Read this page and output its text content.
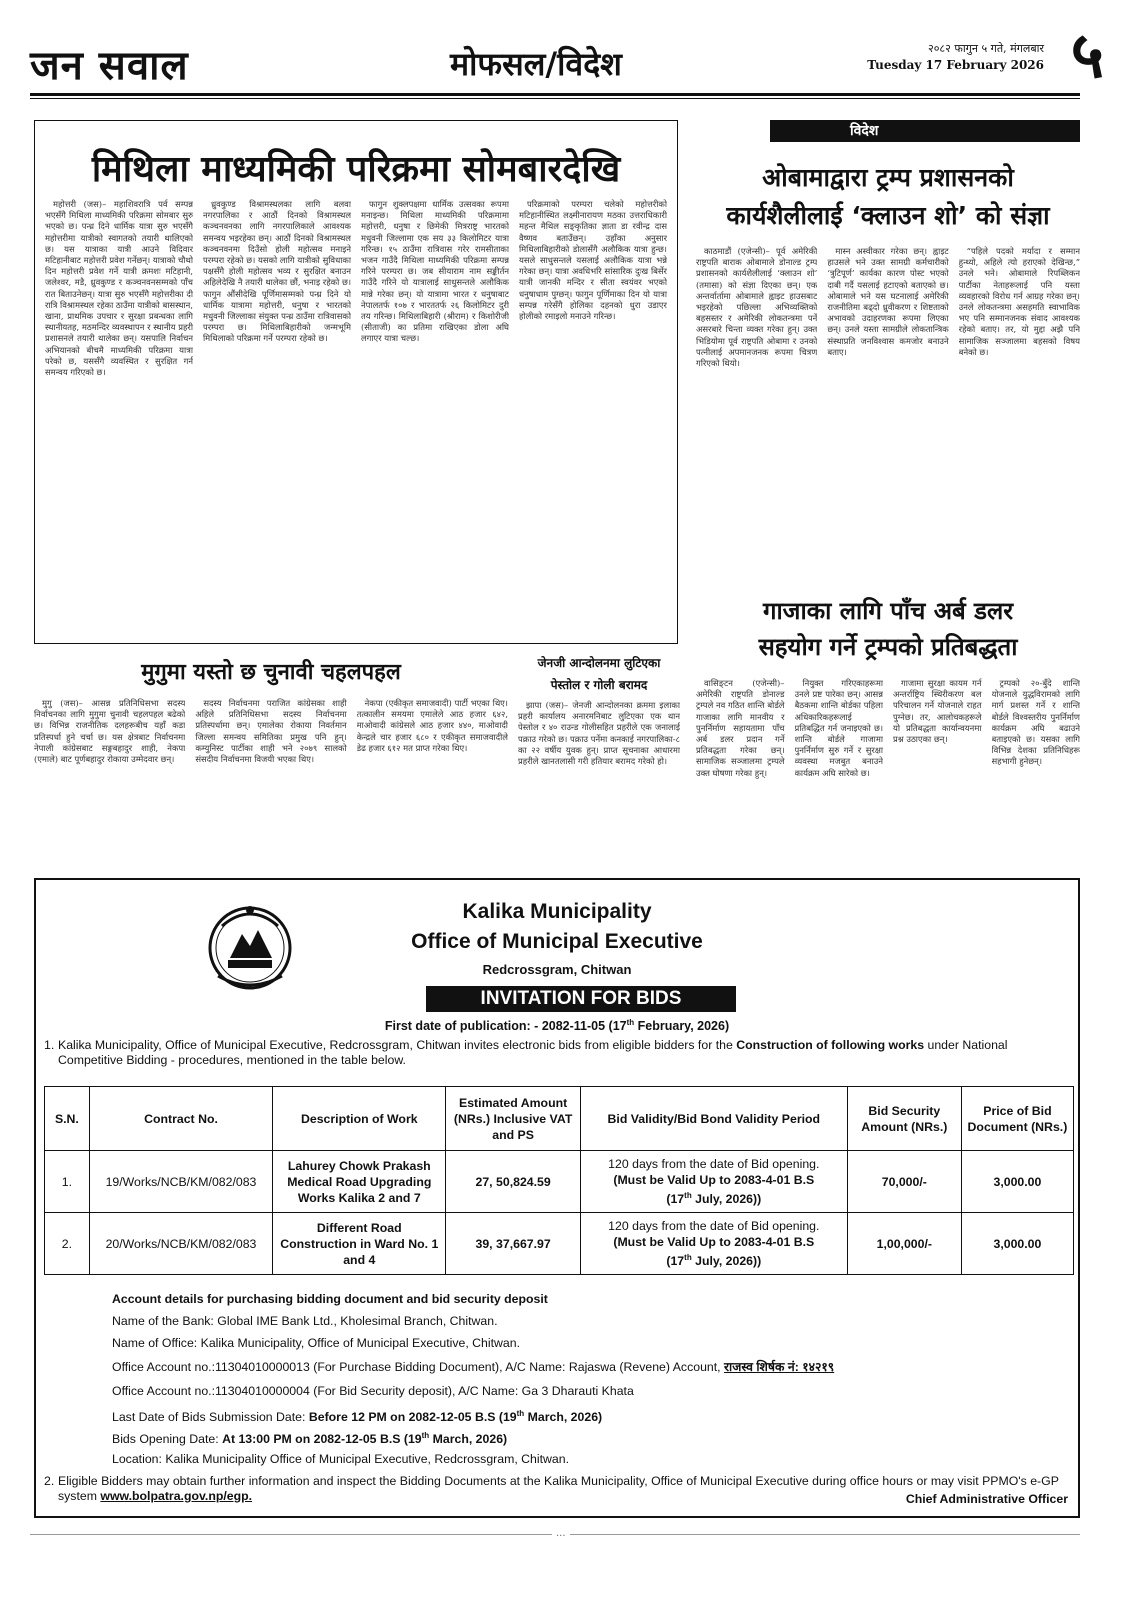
जन सवाल	मोफसल/विदेश	२०८२ फागुन ५ गते, मंगलबार
Tuesday 17 February 2026 ५
मिथिला माध्यमिकी परिक्रमा सोमबारदेखि

महोत्तरी (जस)– महाशिवरात्रि पर्व सम्पन्न भएसँगै मिथिला माध्यमिकी परिक्रमा सोमबार सुरु भएको छ। पन्ध्र दिने धार्मिक यात्रा सुरु भएसँगै महोत्तरीमा यात्रीको स्वागतको तयारी थालिएको छ। यस यात्राका यात्री आउने विदिवार मटिहानीबाट महोत्तरी प्रवेश गर्नेछन्। यात्राको चौथो दिन महोत्तरी प्रवेश गर्ने यात्री क्रमशः मटिहानी, जलेश्वर, मडै, ध्रुवकुण्ड र कञ्चनवनसम्मको पाँच रात बिताउनेछन्। यात्रा सुरु भएसँगै महोत्तरीका दी रात्रि विश्रामस्थल रहेका ठाउँमा यात्रीको बासस्थान, खाना, प्राथमिक उपचार र सुरक्षा प्रबन्धका लागि स्थानीयतह, मठमन्दिर व्यवस्थापन र स्थानीय प्रहरी प्रशासनले तयारी थालेका छन्। यसपालि निर्वाचन अभियानको बीचमै माध्यमिकी परिक्रमा यात्रा परेको छ, यससँगै व्यवस्थित र सुरक्षित गर्न समन्वय गरिएको छ।

ध्रुवकुण्ड विश्रामस्थलका लागि बलवा नगरपालिका र आठौं दिनको विश्रामस्थल कञ्चनवनका लागि नगरपालिकाले आवश्यक समन्वय भइरहेका छन्। आठौं दिनको विश्रामस्थल कञ्चनवनमा दिउँसो होली महोत्सव मनाइने परम्परा रहेको छ। यसको लागि यात्रीको सुविधाका पक्षसँगै होली महोत्सव भव्य र सुरक्षित बनाउन अहिलेदेखि नै तयारी थालेका छौं, भनाइ रहेको छ। फागुन औंसीदेखि पूर्णिमासम्मको पन्ध्र दिने यो धार्मिक यात्रामा महोत्तरी, धनुषा र भारतको मधुवनी जिल्लाका संयुक्त पन्ध्र ठाउँमा रात्रिवासको परम्परा छ। मिथिलाबिहारीको जन्मभूमि मिथिलाको परिक्रमा गर्ने परम्परा रहेको छ।

फागुन शुक्लपक्षमा धार्मिक उत्सवका रूपमा मनाइन्छ। मिथिला माध्यमिकी परिक्रमामा महोत्तरी, धनुषा र छिमेकी मित्रराष्ट्र भारतको मधुवनी जिल्लामा एक सय ३३ किलोमिटर यात्रा गरिन्छ। १५ ठाउँमा रात्रिवास गरेर रामसीताका भजन गाउँदै मिथिला माध्यमिकी परिक्रमा सम्पन्न गरिने परम्परा छ। जब सीयाराम नाम सङ्कीर्तन गाउँदै गरिने यो यात्रालाई साधुसन्तले अलौकिक मान्ने गरेका छन्। यो यात्रामा भारत र धनुषाबाट नेपालतर्फ १०७ र भारततर्फ २६ किलोमिटर दुरी तय गरिन्छ। मिथिलाबिहारी (श्रीराम) र किशोरीजी (सीताजी) का प्रतिमा राखिएका डोला अघि लगाएर यात्रा चल्छ।

परिक्रमाको परम्परा चलेको महोत्तरीको मटिहानीस्थित लक्ष्मीनारायण मठका उत्तराधिकारी महन्त मैथिल सङ्कृतिका ज्ञाता डा रवीन्द्र दास वैष्णव बताउँछन्। उहाँका अनुसार मिथिलाबिहारीको डोलासँगै अलौकिक यात्रा हुन्छ। यसले साधुसन्तले यसलाई अलौकिक यात्रा भन्ने गरेका छन्। यात्रा अवधिभरि सांसारिक दुःख बिर्सेर यात्री जानकी मन्दिर र सीता स्वयंवर भएको धनुषाधाम पुग्छन्। फागुन पूर्णिमाका दिन यो यात्रा सम्पन्न गरेसँगै होलिका दहनको धुरा उडाएर होलीको रमाइलो मनाउने गरिन्छ।

विदेश
ओबामाद्वारा ट्रम्प प्रशासनको
कार्यशैलीलाई ‘क्लाउन शो’ को संज्ञा

काठमाडौं (एजेन्सी)– पूर्व अमेरिकी राष्ट्रपति बाराक ओबामाले डोनाल्ड ट्रम्प प्रशासनको कार्यशैलीलाई ‘क्लाउन शो’ (तमासा) को संज्ञा दिएका छन्। एक अन्तर्वार्तामा ओबामाले ह्वाइट हाउसबाट भइरहेको पछिल्ला अभिव्यक्तिको बहसस्तर र अमेरिकी लोकतन्त्रमा पर्ने असरबारे चिन्ता व्यक्त गरेका हुन्। उक्त भिडियोमा पूर्व राष्ट्रपति ओबामा र उनको पत्नीलाई अपमानजनक रूपमा चित्रण गरिएको थियो।

मास्न अस्वीकार गरेका छन्। ह्वाइट हाउसले भने उक्त सामग्री कर्मचारीको ‘त्रुटिपूर्ण’ कार्यका कारण पोस्ट भएको दाबी गर्दै यसलाई हटाएको बताएको छ। ओबामाले भने यस घटनालाई अमेरिकी राजनीतिमा बढ्दो ध्रुवीकरण र शिष्टताको अभावको उदाहरणका रूपमा लिएका छन्। उनले यस्ता सामग्रीले लोकतान्त्रिक संस्थाप्रति जनविश्वास कमजोर बनाउने बताए।

“पहिले पदको मर्यादा र सम्मान हुन्थ्यो, अहिले त्यो हराएको देखिन्छ,” उनले भने। ओबामाले रिपब्लिकन पार्टीका नेताहरूलाई पनि यस्ता व्यवहारको विरोध गर्न आग्रह गरेका छन्। उनले लोकतन्त्रमा असहमति स्वाभाविक भए पनि सम्मानजनक संवाद आवश्यक रहेको बताए। तर, यो मुद्दा अझै पनि सामाजिक सञ्जालमा बहसको विषय बनेको छ।

गाजाका लागि पाँच अर्ब डलर
सहयोग गर्ने ट्रम्पको प्रतिबद्धता

वासिङ्टन (एजेन्सी)– अमेरिकी राष्ट्रपति डोनाल्ड ट्रम्पले नव गठित शान्ति बोर्डले गाजाका लागि मानवीय र पुनर्निर्माण सहायतामा पाँच अर्ब डलर प्रदान गर्ने प्रतिबद्धता गरेका छन्। सामाजिक सञ्जालमा ट्रम्पले उक्त घोषणा गरेका हुन्।

नियुक्त गरिएकाहरूमा उनले प्रष्ट पारेका छन्। आसन्न बैठकमा शान्ति बोर्डका पहिला अधिकारिकहरूलाई प्रतिबद्धित गर्न जनाइएको छ। शान्ति बोर्डले गाजामा पुनर्निर्माण सुरु गर्ने र सुरक्षा व्यवस्था मजबुत बनाउने कार्यक्रम अघि सारेको छ।

गाजामा सुरक्षा कायम गर्न अन्तर्राष्ट्रिय स्थिरीकरण बल परिचालन गर्ने योजनाले राहत पुग्नेछ। तर, आलोचकहरूले यो प्रतिबद्धता कार्यान्वयनमा प्रश्न उठाएका छन्।

ट्रम्पको २०-बुँदे शान्ति योजनाले युद्धविरामको लागि मार्ग प्रशस्त गर्ने र शान्ति बोर्डले विश्वस्तरीय पुनर्निर्माण कार्यक्रम अघि बढाउने बताइएको छ। यसका लागि विभिन्न देशका प्रतिनिधिहरू सहभागी हुनेछन्।

मुगुमा यस्तो छ चुनावी चहलपहल

मुगु (जस)– आसन्न प्रतिनिधिसभा सदस्य निर्वाचनका लागि मुगुमा चुनावी चहलपहल बढेको छ। विभिन्न राजनीतिक दलहरूबीच यहाँ कडा प्रतिस्पर्धा हुने चर्चा छ। यस क्षेत्रबाट निर्वाचनमा नेपाली कांग्रेसबाट सङ्गबहादुर शाही, नेकपा (एमाले) बाट पूर्णबहादुर रोकाया उम्मेदवार छन्।

सदस्य निर्वाचनमा पराजित कांग्रेसका शाही अहिले प्रतिनिधिसभा सदस्य निर्वाचनमा प्रतिस्पर्धामा छन्। एमालेका रोकाया निवर्तमान जिल्ला समन्वय समितिका प्रमुख पनि हुन्। कम्युनिस्ट पार्टीका शाही भने २०७९ सालको संसदीय निर्वाचनमा विजयी भएका थिए।

नेकपा (एकीकृत समाजवादी) पार्टी भएका थिए। तत्कालीन समयमा एमालेले आठ हजार ६४२, माओवादी कांग्रेसले आठ हजार ४४०, माओवादी केन्द्रले चार हजार ६८० र एकीकृत समाजवादीले डेढ हजार ६१२ मत प्राप्त गरेका थिए।

जेनजी आन्दोलनमा लुटिएका
पेस्तोल र गोली बरामद

झापा (जस)– जेनजी आन्दोलनका क्रममा इलाका प्रहरी कार्यालय अनारमनिबाट लुटिएका एक थान पेस्तोल र ४० राउन्ड गोलीसहित प्रहरीले एक जनालाई पक्राउ गरेको छ। पक्राउ पर्नेमा कनकाई नगरपालिका-८ का २२ वर्षीय युवक हुन्। प्राप्त सूचनाका आधारमा प्रहरीले खानतलासी गरी हतियार बरामद गरेको हो।

Kalika Municipality
Office of Municipal Executive
Redcrossgram, Chitwan
INVITATION FOR BIDS
First date of publication: - 2082-11-05 (17th February, 2026)
1. Kalika Municipality, Office of Municipal Executive, Redcrossgram, Chitwan invites electronic bids from eligible bidders for the Construction of following works under National Competitive Bidding - procedures, mentioned in the table below.
S.N.	Contract No.	Description of Work	Estimated Amount (NRs.) Inclusive VAT and PS	Bid Validity/Bid Bond Validity Period	Bid Security Amount (NRs.)	Price of Bid Document (NRs.)
1.	19/Works/NCB/KM/082/083	Lahurey Chowk Prakash Medical Road Upgrading Works Kalika 2 and 7	27, 50,824.59	120 days from the date of Bid opening.
(Must be Valid Up to 2083-4-01 B.S
(17th July, 2026))	70,000/-	3,000.00
2.	20/Works/NCB/KM/082/083	Different Road Construction in Ward No. 1 and 4	39, 37,667.97	120 days from the date of Bid opening.
(Must be Valid Up to 2083-4-01 B.S
(17th July, 2026))	1,00,000/-	3,000.00
Account details for purchasing bidding document and bid security deposit
Name of the Bank: Global IME Bank Ltd., Kholesimal Branch, Chitwan.
Name of Office: Kalika Municipality, Office of Municipal Executive, Chitwan.
Office Account no.:11304010000013 (For Purchase Bidding Document), A/C Name: Rajaswa (Revene) Account, राजस्व शिर्षक नं: १४२१९
Office Account no.:11304010000004 (For Bid Security deposit), A/C Name: Ga 3 Dharauti Khata
Last Date of Bids Submission Date: Before 12 PM on 2082-12-05 B.S (19th March, 2026)
Bids Opening Date: At 13:00 PM on 2082-12-05 B.S (19th March, 2026)
Location: Kalika Municipality Office of Municipal Executive, Redcrossgram, Chitwan.
2. Eligible Bidders may obtain further information and inspect the Bidding Documents at the Kalika Municipality, Office of Municipal Executive during office hours or may visit PPMO's e-GP system www.bolpatra.gov.np/egp.	Chief Administrative Officer
...
